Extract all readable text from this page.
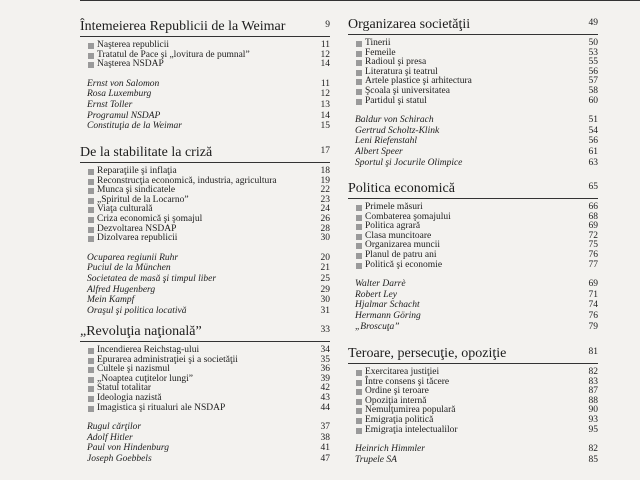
Întemeierea Republicii de la Weimar	9
Naşterea republicii	11
Tratatul de Pace şi „lovitura de pumnal”	12
Naşterea NSDAP	14
Ernst von Salomon	11
Rosa Luxemburg	12
Ernst Toller	13
Programul NSDAP	14
Constituţia de la Weimar	15
De la stabilitate la criză	17
Reparaţiile şi inflaţia	18
Reconstrucţia economică, industria, agricultura	19
Munca şi sindicatele	22
„Spiritul de la Locarno”	23
Viaţa culturală	24
Criza economică şi şomajul	26
Dezvoltarea NSDAP	28
Dizolvarea republicii	30
Ocuparea regiunii Ruhr	20
Puciul de la München	21
Societatea de masă şi timpul liber	25
Alfred Hugenberg	29
Mein Kampf	30
Oraşul şi politica locativă	31
„Revoluţia naţională”	33
Incendierea Reichstag-ului	34
Epurarea administraţiei şi a societăţii	35
Cultele şi nazismul	36
„Noaptea cuţitelor lungi”	39
Statul totalitar	42
Ideologia nazistă	43
Imagistica şi ritualuri ale NSDAP	44
Rugul cărţilor	37
Adolf Hitler	38
Paul von Hindenburg	41
Joseph Goebbels	47
Organizarea societăţii	49
Tinerii	50
Femeile	53
Radioul şi presa	55
Literatura şi teatrul	56
Artele plastice şi arhitectura	57
Şcoala şi universitatea	58
Partidul şi statul	60
Baldur von Schirach	51
Gertrud Scholtz-Klink	54
Leni Riefenstahl	56
Albert Speer	61
Sportul şi Jocurile Olimpice	63
Politica economică	65
Primele măsuri	66
Combaterea şomajului	68
Politica agrară	69
Clasa muncitoare	72
Organizarea muncii	75
Planul de patru ani	76
Politică şi economie	77
Walter Darrè	69
Robert Ley	71
Hjalmar Schacht	74
Hermann Göring	76
„Broscuţa”	79
Teroare, persecuţie, opoziţie	81
Exercitarea justiţiei	82
Între consens şi tăcere	83
Ordine şi teroare	87
Opoziţia internă	88
Nemulţumirea populară	90
Emigraţia politică	93
Emigraţia intelectualilor	95
Heinrich Himmler	82
Trupele SA	85
